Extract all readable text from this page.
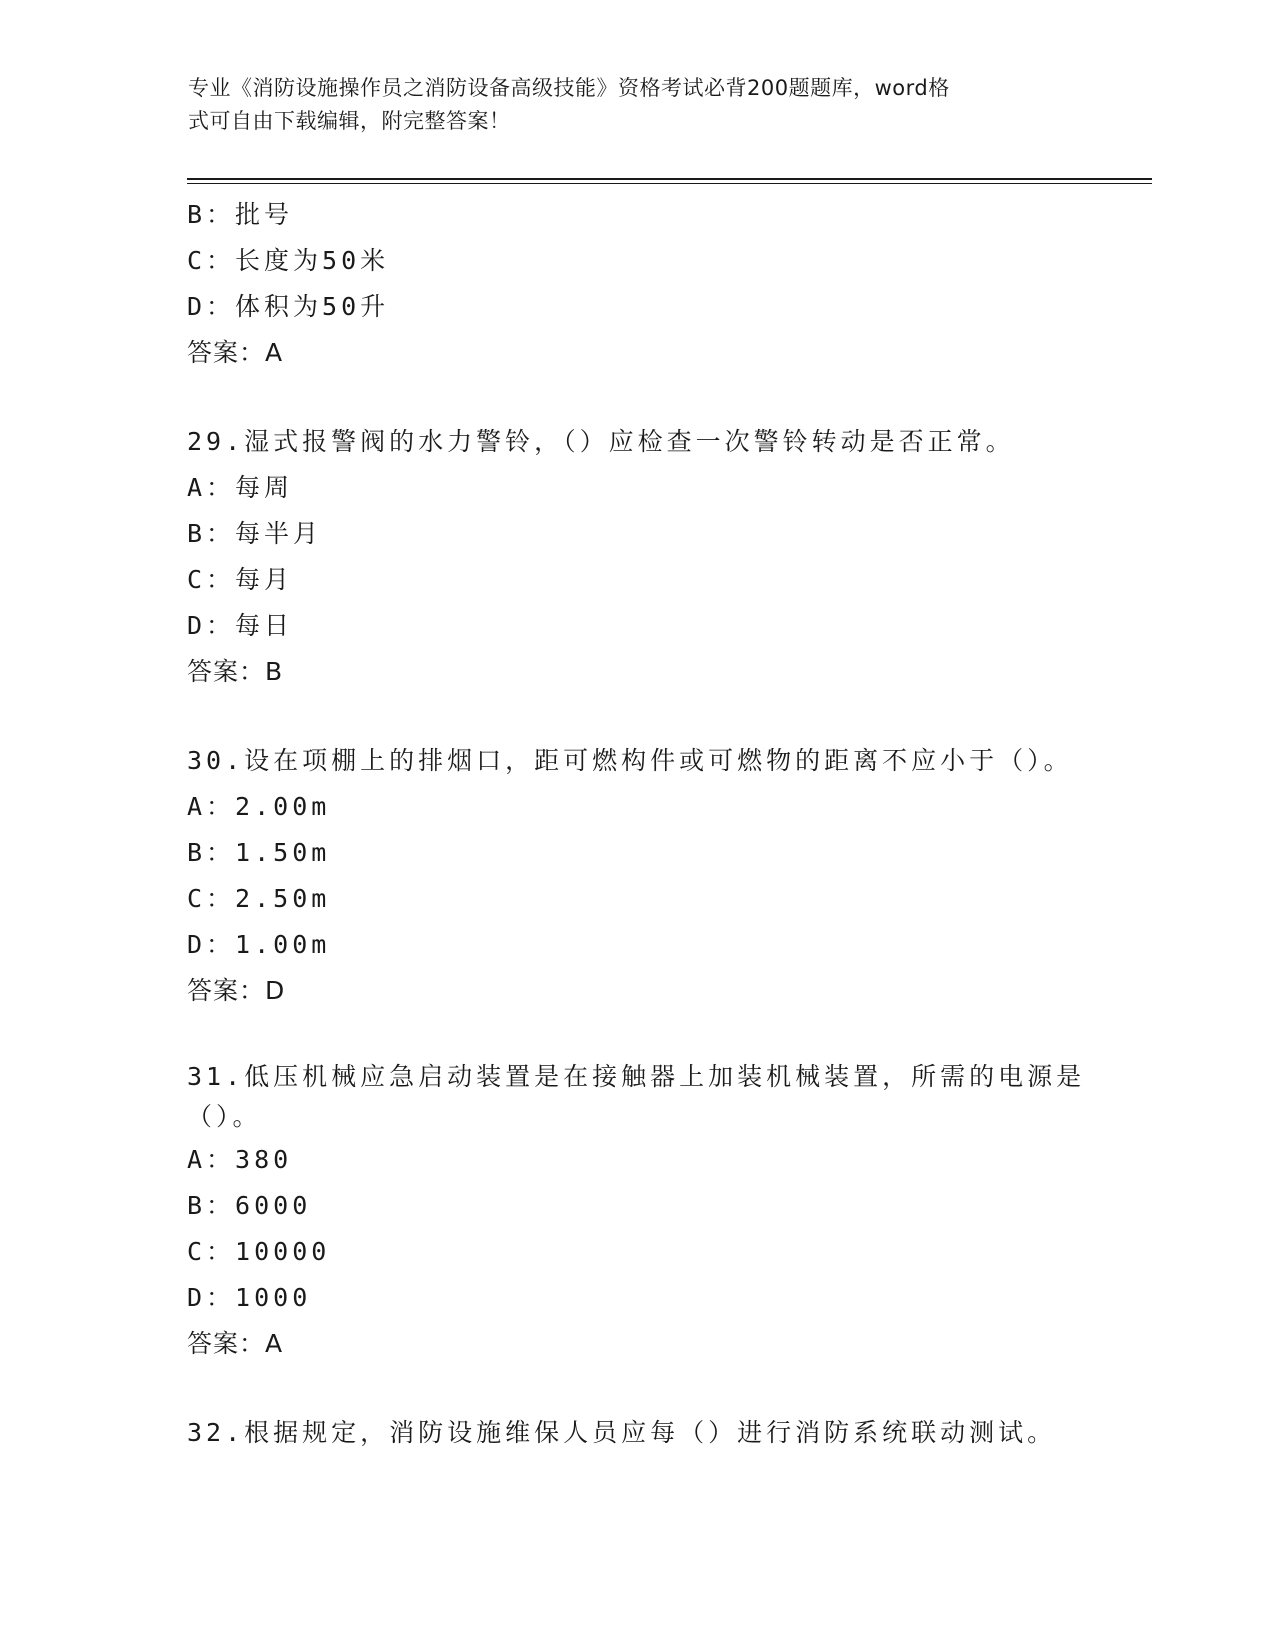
专业《消防设施操作员之消防设备高级技能》资格考试必背200题题库，word格
式可自由下载编辑，附完整答案！
B：批号
C：长度为50米
D：体积为50升
答案：A
29.湿式报警阀的水力警铃，（）应检查一次警铃转动是否正常。
A：每周
B：每半月
C：每月
D：每日
答案：B
30.设在项棚上的排烟口，距可燃构件或可燃物的距离不应小于（）。
A：2.00m
B：1.50m
C：2.50m
D：1.00m
答案：D
31.低压机械应急启动装置是在接触器上加装机械装置，所需的电源是（）。
A：380
B：6000
C：10000
D：1000
答案：A
32.根据规定，消防设施维保人员应每（）进行消防系统联动测试。
